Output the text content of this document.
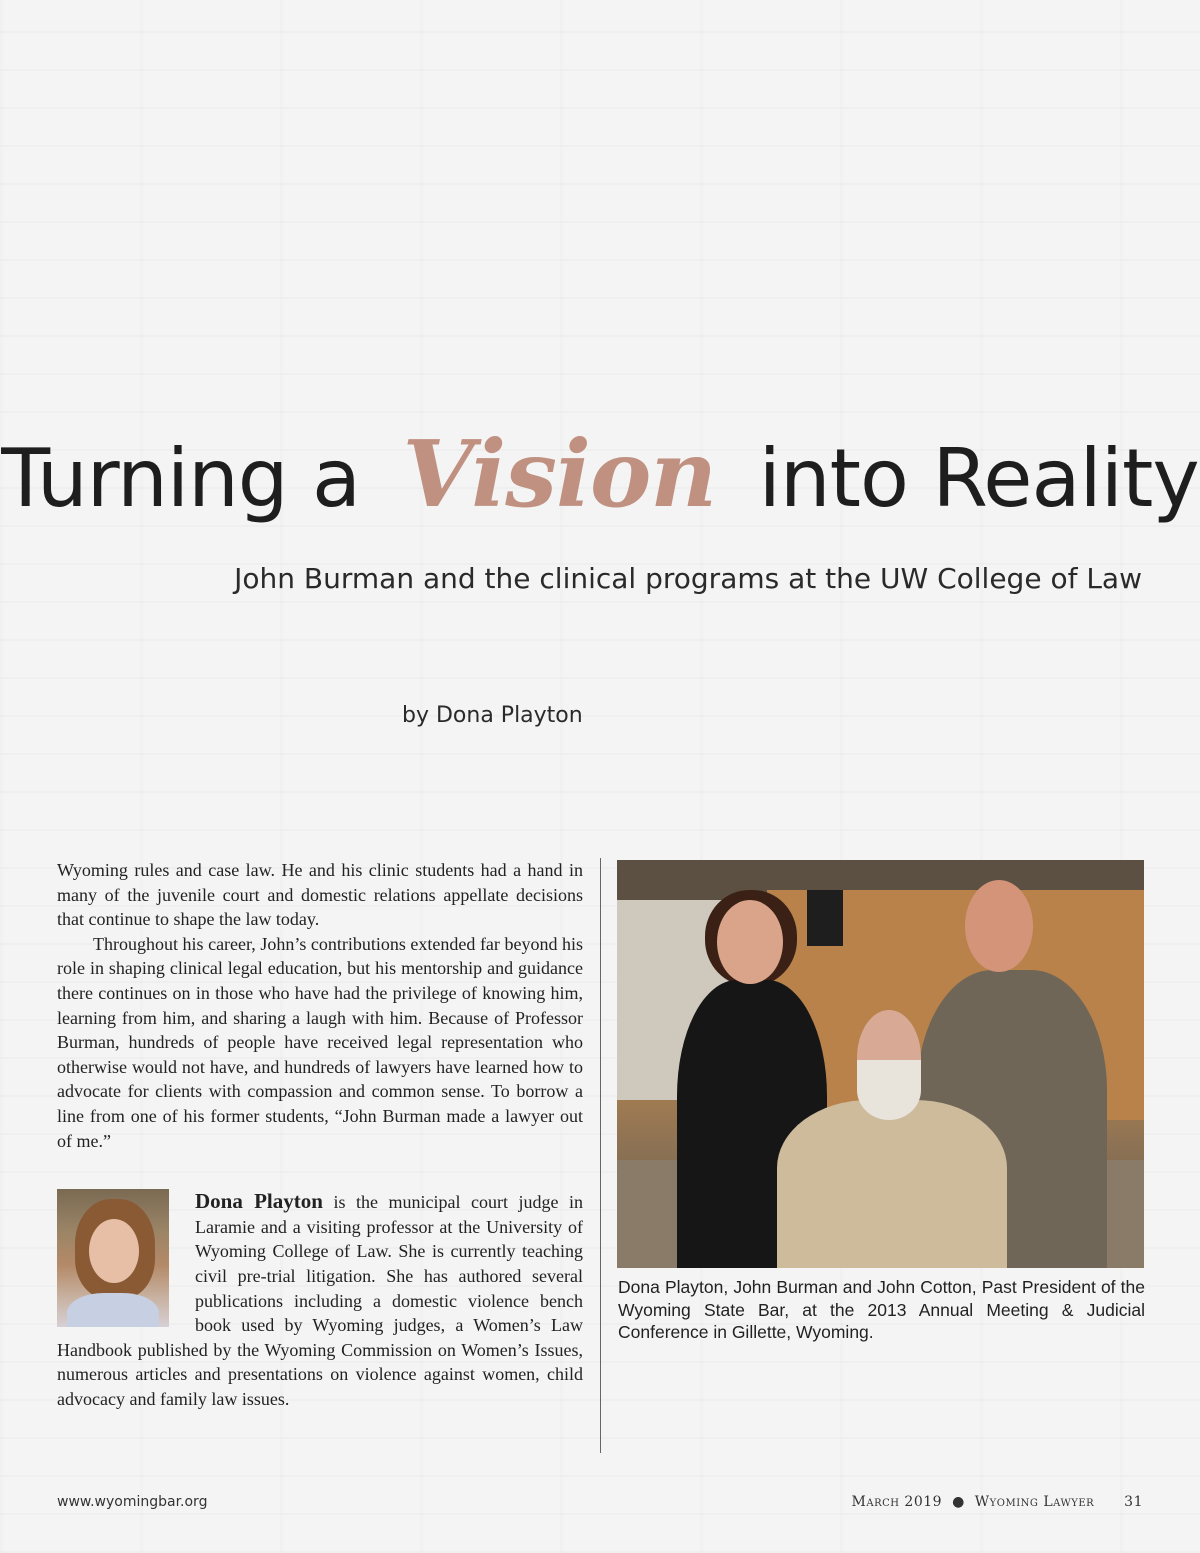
Turning a Vision into Reality
John Burman and the clinical programs at the UW College of Law
by Dona Playton

Wyoming rules and case law. He and his clinic students had a hand in many of the juvenile court and domestic relations appellate decisions that continue to shape the law today.

Throughout his career, John’s contributions extended far beyond his role in shaping clinical legal education, but his mentorship and guidance there continues on in those who have had the privilege of knowing him, learning from him, and sharing a laugh with him. Because of Professor Burman, hundreds of people have received legal representation who otherwise would not have, and hundreds of lawyers have learned how to advocate for clients with compassion and common sense. To borrow a line from one of his former students, “John Burman made a lawyer out of me.”

Dona Playton is the municipal court judge in Laramie and a visiting professor at the University of Wyoming College of Law. She is currently teaching civil pre-trial litigation. She has authored several publications including a domestic violence bench book used by Wyoming judges, a Women’s Law Handbook published by the Wyoming Commission on Women’s Issues, numerous articles and presentations on violence against women, child advocacy and family law issues.
Dona Playton, John Burman and John Cotton, Past President of the Wyoming State Bar, at the 2013 Annual Meeting & Judicial Conference in Gillette, Wyoming.
www.wyomingbar.org	March 2019 ● Wyoming Lawyer 31
